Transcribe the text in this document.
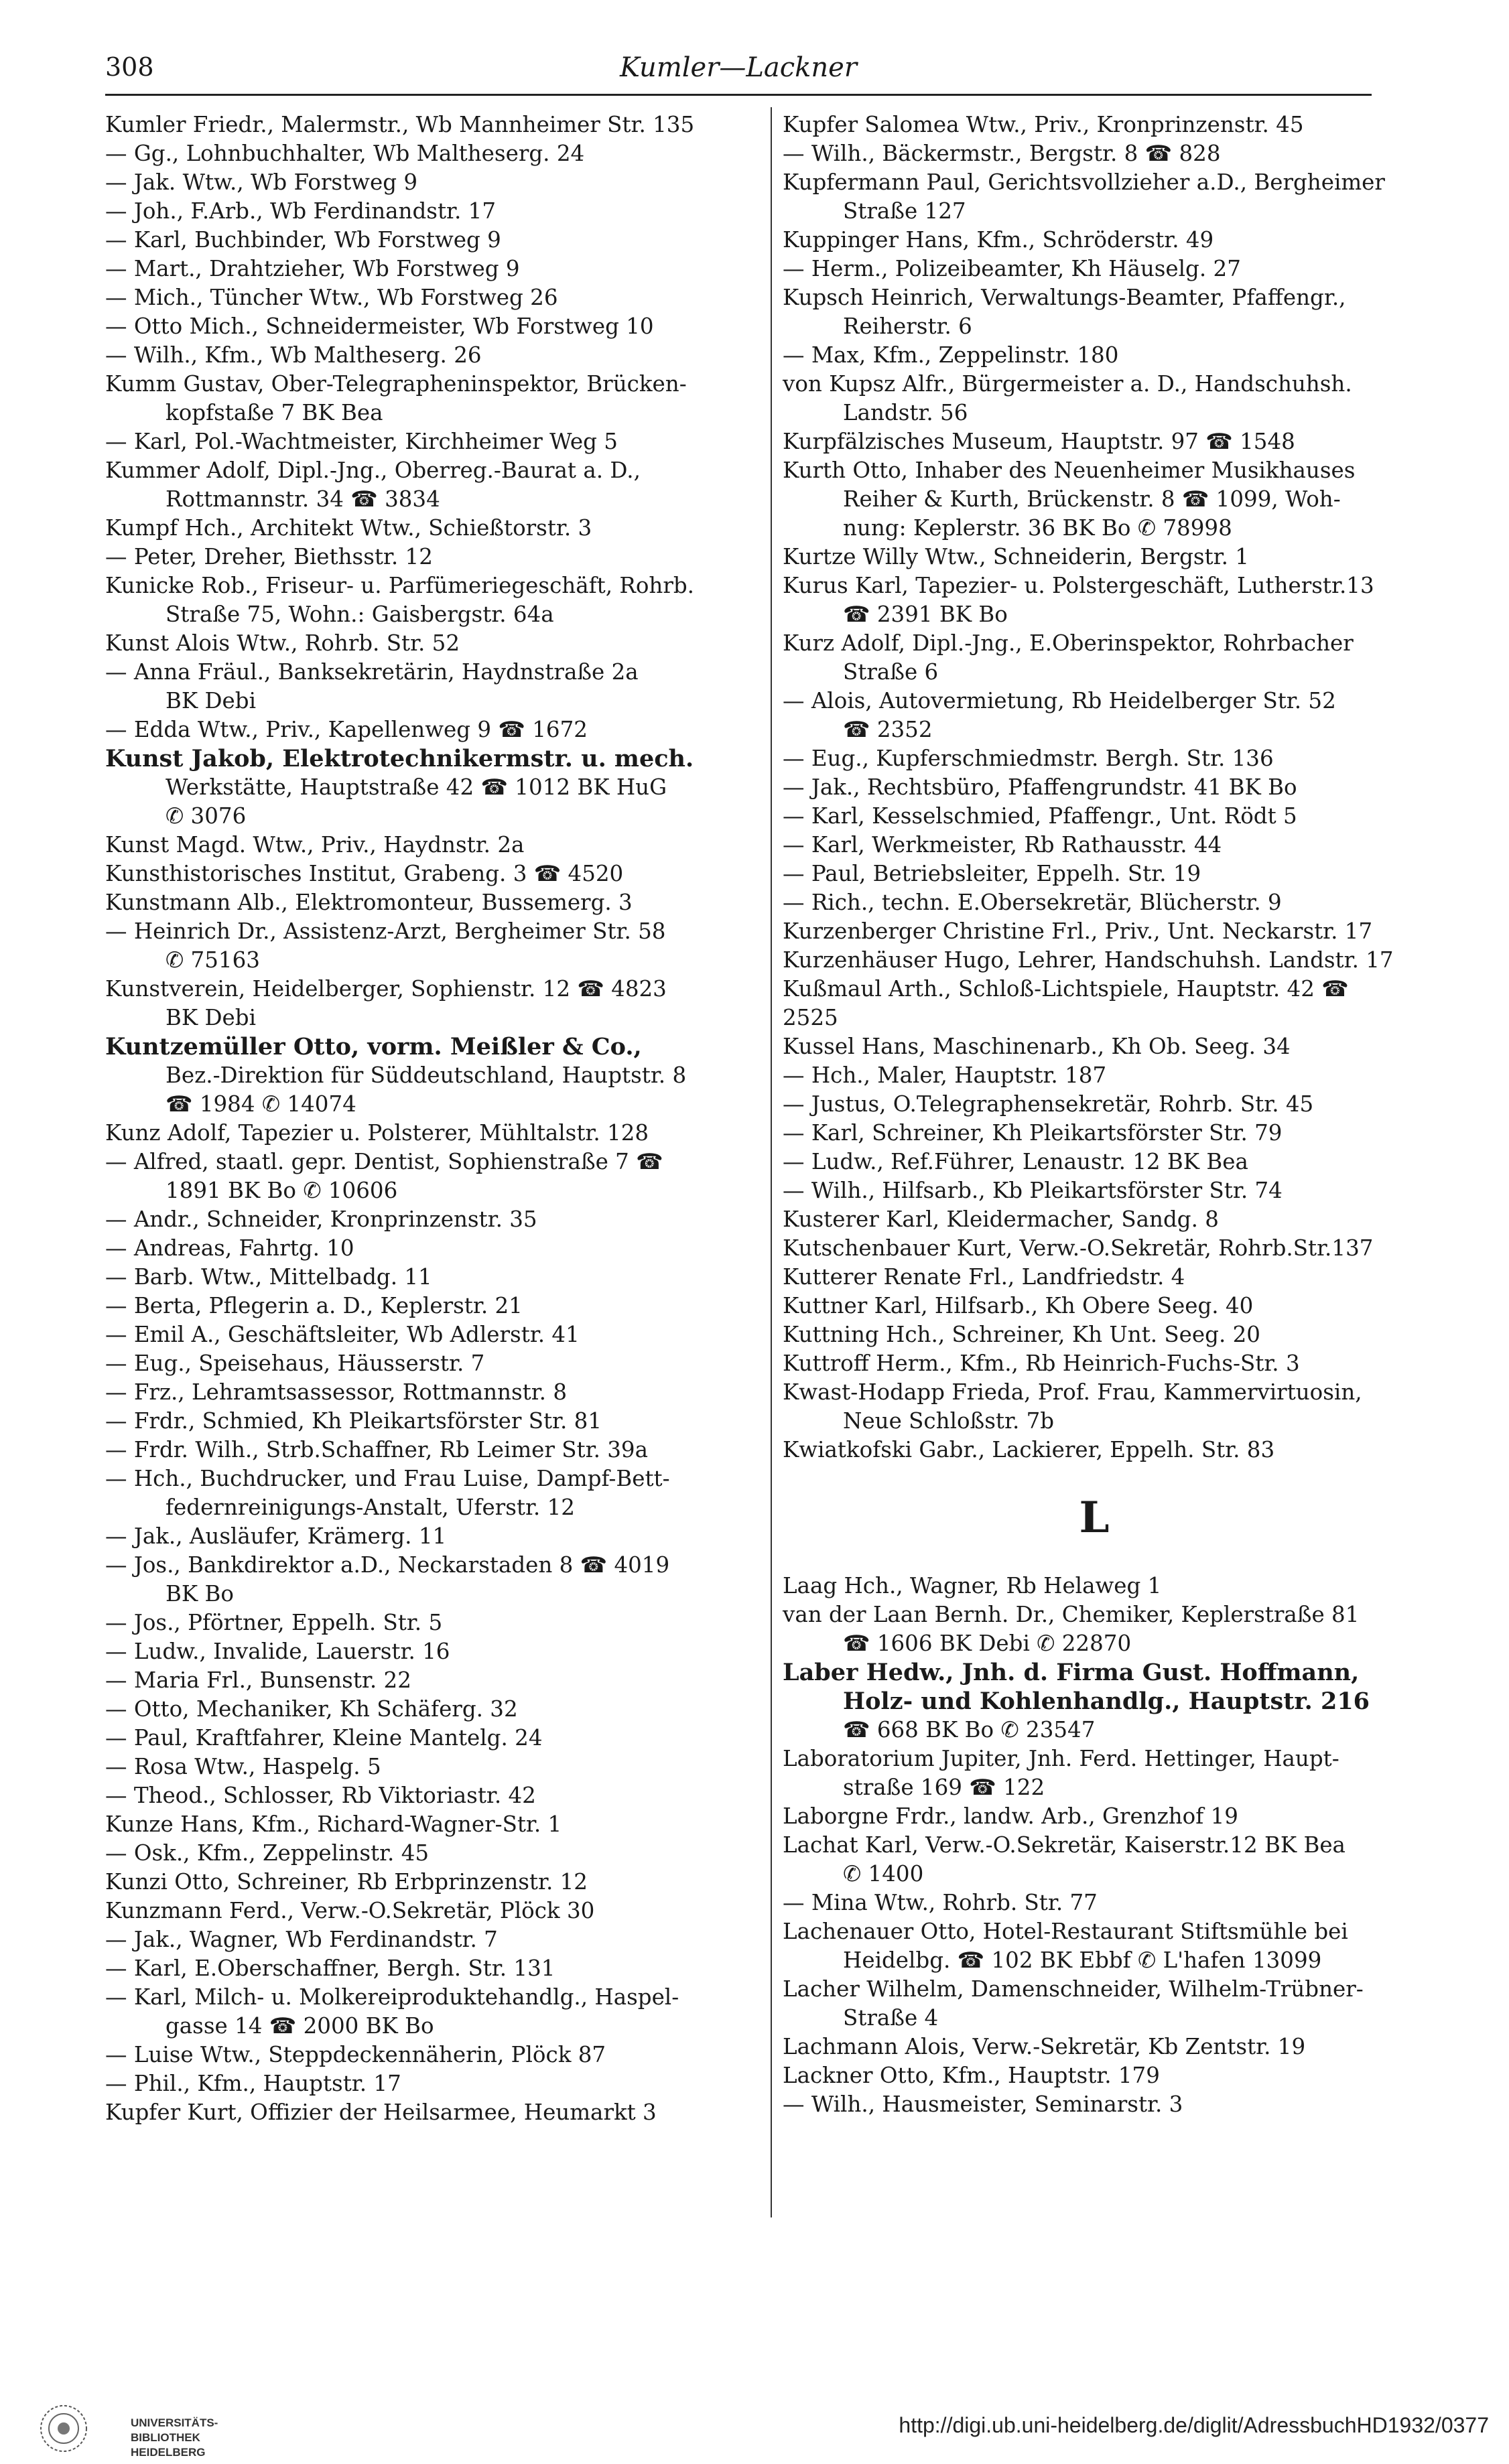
308	Kumler—Lackner

Kumler Friedr., Malermstr., Wb Mannheimer Str. 135

— Gg., Lohnbuchhalter, Wb Maltheserg. 24

— Jak. Wtw., Wb Forstweg 9

— Joh., F.Arb., Wb Ferdinandstr. 17

— Karl, Buchbinder, Wb Forstweg 9

— Mart., Drahtzieher, Wb Forstweg 9

— Mich., Tüncher Wtw., Wb Forstweg 26

— Otto Mich., Schneidermeister, Wb Forstweg 10

— Wilh., Kfm., Wb Maltheserg. 26

Kumm Gustav, Ober-Telegrapheninspektor, Brücken-

kopfstaße 7 BK Bea

— Karl, Pol.-Wachtmeister, Kirchheimer Weg 5

Kummer Adolf, Dipl.-Jng., Oberreg.-Baurat a. D.,

Rottmannstr. 34 ☎ 3834

Kumpf Hch., Architekt Wtw., Schießtorstr. 3

— Peter, Dreher, Biethsstr. 12

Kunicke Rob., Friseur- u. Parfümeriegeschäft, Rohrb.

Straße 75, Wohn.: Gaisbergstr. 64a

Kunst Alois Wtw., Rohrb. Str. 52

— Anna Fräul., Banksekretärin, Haydnstraße 2a

BK Debi

— Edda Wtw., Priv., Kapellenweg 9 ☎ 1672

Kunst Jakob, Elektrotechnikermstr. u. mech.

Werkstätte, Hauptstraße 42 ☎ 1012 BK HuG

✆ 3076

Kunst Magd. Wtw., Priv., Haydnstr. 2a

Kunsthistorisches Institut, Grabeng. 3 ☎ 4520

Kunstmann Alb., Elektromonteur, Bussemerg. 3

— Heinrich Dr., Assistenz-Arzt, Bergheimer Str. 58

✆ 75163

Kunstverein, Heidelberger, Sophienstr. 12 ☎ 4823

BK Debi

Kuntzemüller Otto, vorm. Meißler & Co.,

Bez.-Direktion für Süddeutschland, Hauptstr. 8

☎ 1984 ✆ 14074

Kunz Adolf, Tapezier u. Polsterer, Mühltalstr. 128

— Alfred, staatl. gepr. Dentist, Sophienstraße 7 ☎

1891 BK Bo ✆ 10606

— Andr., Schneider, Kronprinzenstr. 35

— Andreas, Fahrtg. 10

— Barb. Wtw., Mittelbadg. 11

— Berta, Pflegerin a. D., Keplerstr. 21

— Emil A., Geschäftsleiter, Wb Adlerstr. 41

— Eug., Speisehaus, Häusserstr. 7

— Frz., Lehramtsassessor, Rottmannstr. 8

— Frdr., Schmied, Kh Pleikartsförster Str. 81

— Frdr. Wilh., Strb.Schaffner, Rb Leimer Str. 39a

— Hch., Buchdrucker, und Frau Luise, Dampf-Bett-

federnreinigungs-Anstalt, Uferstr. 12

— Jak., Ausläufer, Krämerg. 11

— Jos., Bankdirektor a.D., Neckarstaden 8 ☎ 4019

BK Bo

— Jos., Pförtner, Eppelh. Str. 5

— Ludw., Invalide, Lauerstr. 16

— Maria Frl., Bunsenstr. 22

— Otto, Mechaniker, Kh Schäferg. 32

— Paul, Kraftfahrer, Kleine Mantelg. 24

— Rosa Wtw., Haspelg. 5

— Theod., Schlosser, Rb Viktoriastr. 42

Kunze Hans, Kfm., Richard-Wagner-Str. 1

— Osk., Kfm., Zeppelinstr. 45

Kunzi Otto, Schreiner, Rb Erbprinzenstr. 12

Kunzmann Ferd., Verw.-O.Sekretär, Plöck 30

— Jak., Wagner, Wb Ferdinandstr. 7

— Karl, E.Oberschaffner, Bergh. Str. 131

— Karl, Milch- u. Molkereiproduktehandlg., Haspel-

gasse 14 ☎ 2000 BK Bo

— Luise Wtw., Steppdeckennäherin, Plöck 87

— Phil., Kfm., Hauptstr. 17

Kupfer Kurt, Offizier der Heilsarmee, Heumarkt 3

Kupfer Salomea Wtw., Priv., Kronprinzenstr. 45

— Wilh., Bäckermstr., Bergstr. 8 ☎ 828

Kupfermann Paul, Gerichtsvollzieher a.D., Bergheimer

Straße 127

Kuppinger Hans, Kfm., Schröderstr. 49

— Herm., Polizeibeamter, Kh Häuselg. 27

Kupsch Heinrich, Verwaltungs-Beamter, Pfaffengr.,

Reiherstr. 6

— Max, Kfm., Zeppelinstr. 180

von Kupsz Alfr., Bürgermeister a. D., Handschuhsh.

Landstr. 56

Kurpfälzisches Museum, Hauptstr. 97 ☎ 1548

Kurth Otto, Inhaber des Neuenheimer Musikhauses

Reiher & Kurth, Brückenstr. 8 ☎ 1099, Woh-

nung: Keplerstr. 36 BK Bo ✆ 78998

Kurtze Willy Wtw., Schneiderin, Bergstr. 1

Kurus Karl, Tapezier- u. Polstergeschäft, Lutherstr.13

☎ 2391 BK Bo

Kurz Adolf, Dipl.-Jng., E.Oberinspektor, Rohrbacher

Straße 6

— Alois, Autovermietung, Rb Heidelberger Str. 52

☎ 2352

— Eug., Kupferschmiedmstr. Bergh. Str. 136

— Jak., Rechtsbüro, Pfaffengrundstr. 41 BK Bo

— Karl, Kesselschmied, Pfaffengr., Unt. Rödt 5

— Karl, Werkmeister, Rb Rathausstr. 44

— Paul, Betriebsleiter, Eppelh. Str. 19

— Rich., techn. E.Obersekretär, Blücherstr. 9

Kurzenberger Christine Frl., Priv., Unt. Neckarstr. 17

Kurzenhäuser Hugo, Lehrer, Handschuhsh. Landstr. 17

Kußmaul Arth., Schloß-Lichtspiele, Hauptstr. 42 ☎ 2525

Kussel Hans, Maschinenarb., Kh Ob. Seeg. 34

— Hch., Maler, Hauptstr. 187

— Justus, O.Telegraphensekretär, Rohrb. Str. 45

— Karl, Schreiner, Kh Pleikartsförster Str. 79

— Ludw., Ref.Führer, Lenaustr. 12 BK Bea

— Wilh., Hilfsarb., Kb Pleikartsförster Str. 74

Kusterer Karl, Kleidermacher, Sandg. 8

Kutschenbauer Kurt, Verw.-O.Sekretär, Rohrb.Str.137

Kutterer Renate Frl., Landfriedstr. 4

Kuttner Karl, Hilfsarb., Kh Obere Seeg. 40

Kuttning Hch., Schreiner, Kh Unt. Seeg. 20

Kuttroff Herm., Kfm., Rb Heinrich-Fuchs-Str. 3

Kwast-Hodapp Frieda, Prof. Frau, Kammervirtuosin,

Neue Schloßstr. 7b

Kwiatkofski Gabr., Lackierer, Eppelh. Str. 83

L

Laag Hch., Wagner, Rb Helaweg 1

van der Laan Bernh. Dr., Chemiker, Keplerstraße 81

☎ 1606 BK Debi ✆ 22870

Laber Hedw., Jnh. d. Firma Gust. Hoffmann,

Holz- und Kohlenhandlg., Hauptstr. 216

☎ 668 BK Bo ✆ 23547

Laboratorium Jupiter, Jnh. Ferd. Hettinger, Haupt-

straße 169 ☎ 122

Laborgne Frdr., landw. Arb., Grenzhof 19

Lachat Karl, Verw.-O.Sekretär, Kaiserstr.12 BK Bea

✆ 1400

— Mina Wtw., Rohrb. Str. 77

Lachenauer Otto, Hotel-Restaurant Stiftsmühle bei

Heidelbg. ☎ 102 BK Ebbf ✆ L'hafen 13099

Lacher Wilhelm, Damenschneider, Wilhelm-Trübner-

Straße 4

Lachmann Alois, Verw.-Sekretär, Kb Zentstr. 19

Lackner Otto, Kfm., Hauptstr. 179

— Wilh., Hausmeister, Seminarstr. 3

UNIVERSITÄTS-
BIBLIOTHEK
HEIDELBERG
http://digi.ub.uni-heidelberg.de/diglit/AdressbuchHD1932/0377
